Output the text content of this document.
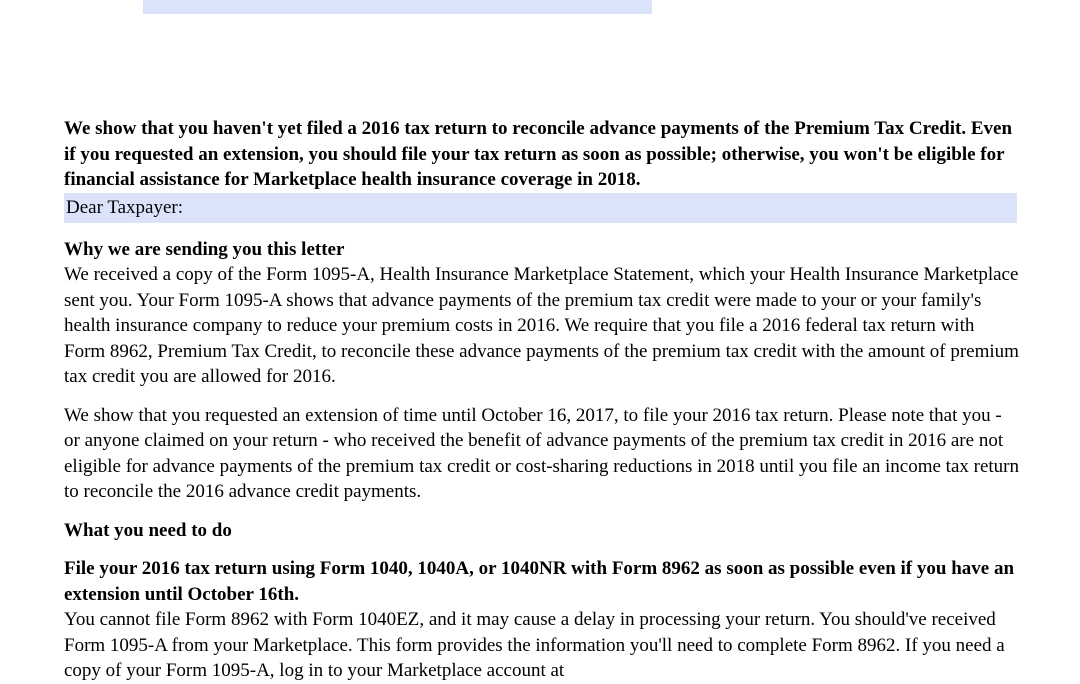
We show that you haven't yet filed a 2016 tax return to reconcile advance payments of the Premium Tax Credit. Even if you requested an extension, you should file your tax return as soon as possible; otherwise, you won't be eligible for financial assistance for Marketplace health insurance coverage in 2018.

Dear Taxpayer:

Why we are sending you this letter

We received a copy of the Form 1095-A, Health Insurance Marketplace Statement, which your Health Insurance Marketplace sent you. Your Form 1095-A shows that advance payments of the premium tax credit were made to your or your family's health insurance company to reduce your premium costs in 2016. We require that you file a 2016 federal tax return with Form 8962, Premium Tax Credit, to reconcile these advance payments of the premium tax credit with the amount of premium tax credit you are allowed for 2016.

We show that you requested an extension of time until October 16, 2017, to file your 2016 tax return. Please note that you - or anyone claimed on your return - who received the benefit of advance payments of the premium tax credit in 2016 are not eligible for advance payments of the premium tax credit or cost-sharing reductions in 2018 until you file an income tax return to reconcile the 2016 advance credit payments.

What you need to do

File your 2016 tax return using Form 1040, 1040A, or 1040NR with Form 8962 as soon as possible even if you have an extension until October 16th.

You cannot file Form 8962 with Form 1040EZ, and it may cause a delay in processing your return. You should've received Form 1095-A from your Marketplace. This form provides the information you'll need to complete Form 8962. If you need a copy of your Form 1095-A, log in to your Marketplace account at
